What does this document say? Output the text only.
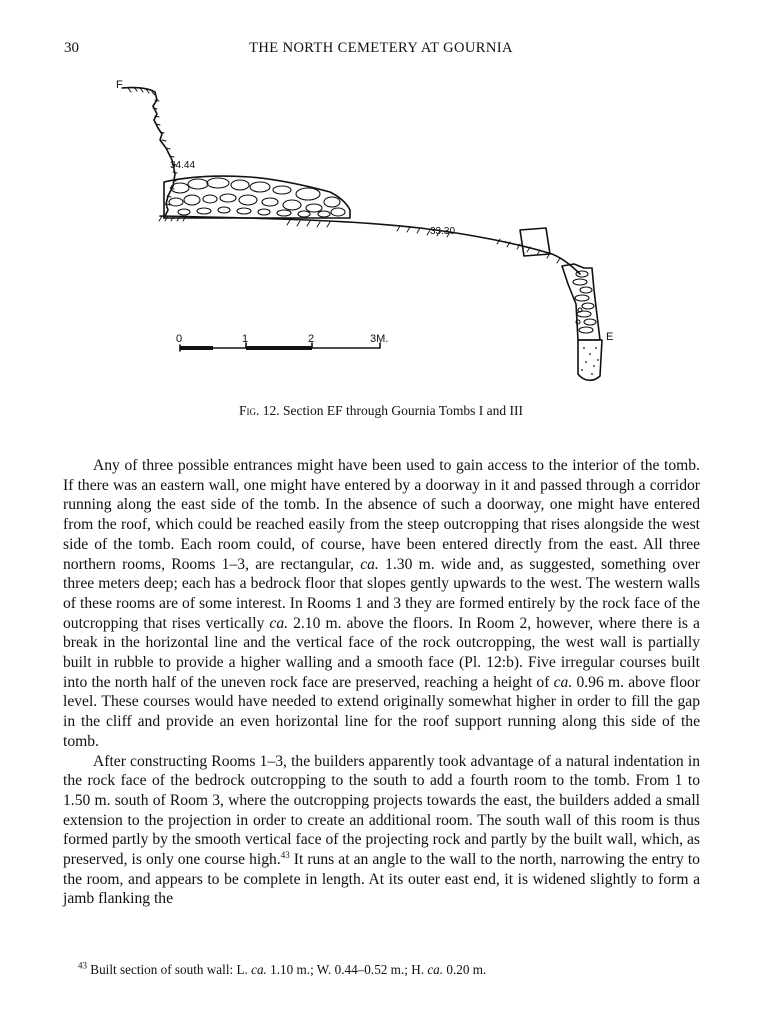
30	THE NORTH CEMETERY AT GOURNIA
F
E
34.44
33.30
0	1	2	3M.
Fig. 12. Section EF through Gournia Tombs I and III

Any of three possible entrances might have been used to gain access to the interior of the tomb. If there was an eastern wall, one might have entered by a doorway in it and passed through a corridor running along the east side of the tomb. In the absence of such a doorway, one might have entered from the roof, which could be reached easily from the steep outcropping that rises alongside the west side of the tomb. Each room could, of course, have been entered directly from the east. All three northern rooms, Rooms 1–3, are rectangular, ca. 1.30 m. wide and, as suggested, something over three meters deep; each has a bedrock floor that slopes gently upwards to the west. The western walls of these rooms are of some interest. In Rooms 1 and 3 they are formed entirely by the rock face of the outcropping that rises vertically ca. 2.10 m. above the floors. In Room 2, however, where there is a break in the horizontal line and the vertical face of the rock outcropping, the west wall is partially built in rubble to provide a higher walling and a smooth face (Pl. 12:b). Five irregular courses built into the north half of the uneven rock face are preserved, reaching a height of ca. 0.96 m. above floor level. These courses would have needed to extend originally somewhat higher in order to fill the gap in the cliff and provide an even horizontal line for the roof support running along this side of the tomb.

After constructing Rooms 1–3, the builders apparently took advantage of a natural indentation in the rock face of the bedrock outcropping to the south to add a fourth room to the tomb. From 1 to 1.50 m. south of Room 3, where the outcropping projects towards the east, the builders added a small extension to the projection in order to create an additional room. The south wall of this room is thus formed partly by the smooth vertical face of the projecting rock and partly by the built wall, which, as preserved, is only one course high.$^{43}$ It runs at an angle to the wall to the north, narrowing the entry to the room, and appears to be complete in length. At its outer east end, it is widened slightly to form a jamb flanking the

$^{43}$ Built section of south wall: L. ca. 1.10 m.; W. 0.44–0.52 m.; H. ca. 0.20 m.
